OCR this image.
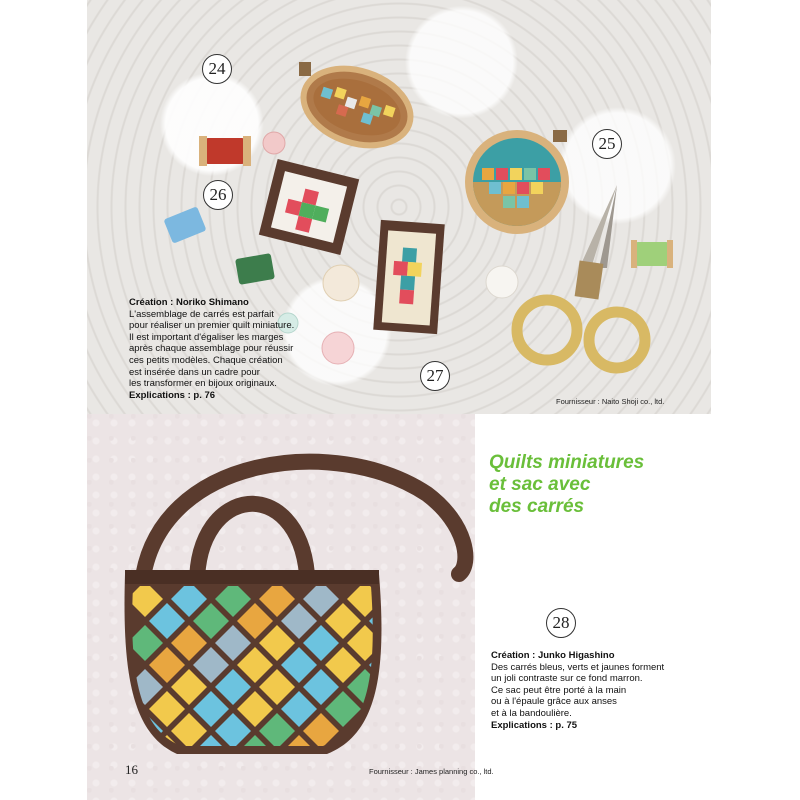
24
25
26
27

Création : Noriko Shimano

L'assemblage de carrés est parfait

pour réaliser un premier quilt miniature.

Il est important d'égaliser les marges

après chaque assemblage pour réussir

ces petits modèles. Chaque création

est insérée dans un cadre pour

les transformer en bijoux originaux.

Explications : p. 76

Fournisseur : Naito Shoji co., ltd.
Quilts miniatures
et sac avec
des carrés
28

Création : Junko Higashino

Des carrés bleus, verts et jaunes forment

un joli contraste sur ce fond marron.

Ce sac peut être porté à la main

ou à l'épaule grâce aux anses

et à la bandoulière.

Explications : p. 75

Fournisseur : James planning co., ltd.
16
